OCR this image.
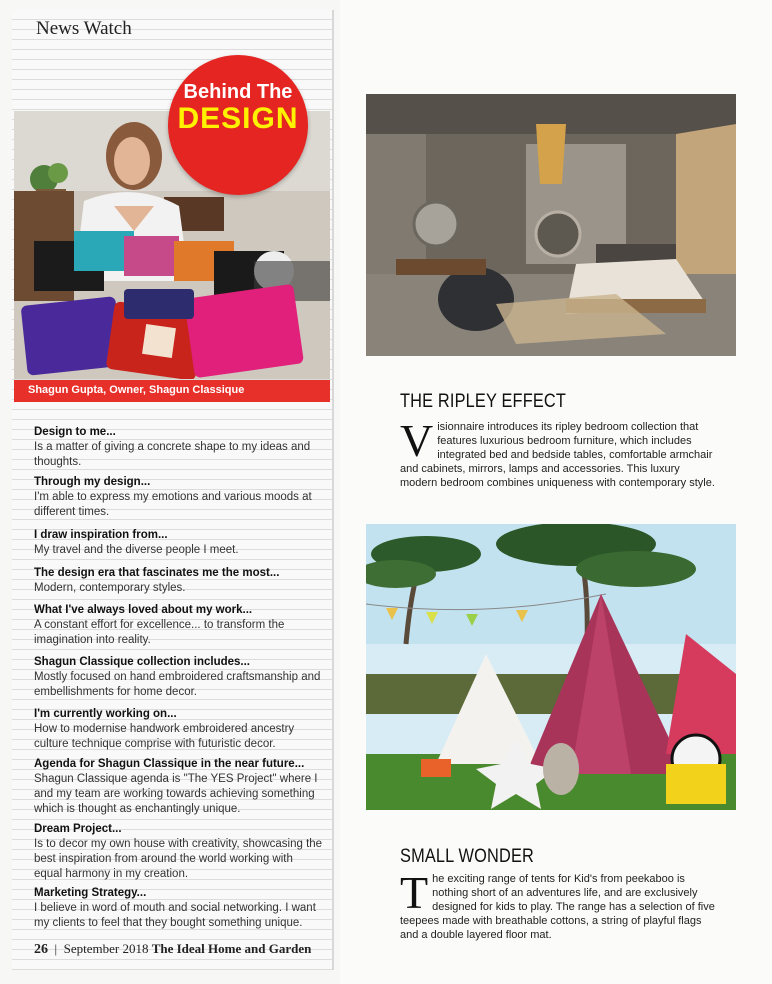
News Watch
Behind The
DESIGN
Shagun Gupta, Owner, Shagun Classique
Design to me...
Is a matter of giving a concrete shape to my ideas and thoughts.
Through my design...
I'm able to express my emotions and various moods at different times.
I draw inspiration from...
My travel and the diverse people I meet.
The design era that fascinates me the most...
Modern, contemporary styles.
What I've always loved about my work...
A constant effort for excellence... to transform the imagination into reality.
Shagun Classique collection includes...
Mostly focused on hand embroidered craftsmanship and embellishments for home decor.
I'm currently working on...
How to modernise handwork embroidered ancestry culture technique comprise with futuristic decor.
Agenda for Shagun Classique in the near future...
Shagun Classique agenda is "The YES Project" where I and my team are working towards achieving something which is thought as enchantingly unique.
Dream Project...
Is to decor my own house with creativity, showcasing the best inspiration from around the world working with equal harmony in my creation.
Marketing Strategy...
I believe in word of mouth and social networking. I want my clients to feel that they bought something unique.
26 | September 2018 The Ideal Home and Garden
THE RIPLEY EFFECT
V isionnaire introduces its ripley bedroom collection that features luxurious bedroom furniture, which includes integrated bed and bedside tables, comfortable armchair and cabinets, mirrors, lamps and accessories. This luxury modern bedroom combines uniqueness with contemporary style.
SMALL WONDER
T he exciting range of tents for Kid's from peekaboo is nothing short of an adventures life, and are exclusively designed for kids to play. The range has a selection of five teepees made with breathable cottons, a string of playful flags and a double layered floor mat.
